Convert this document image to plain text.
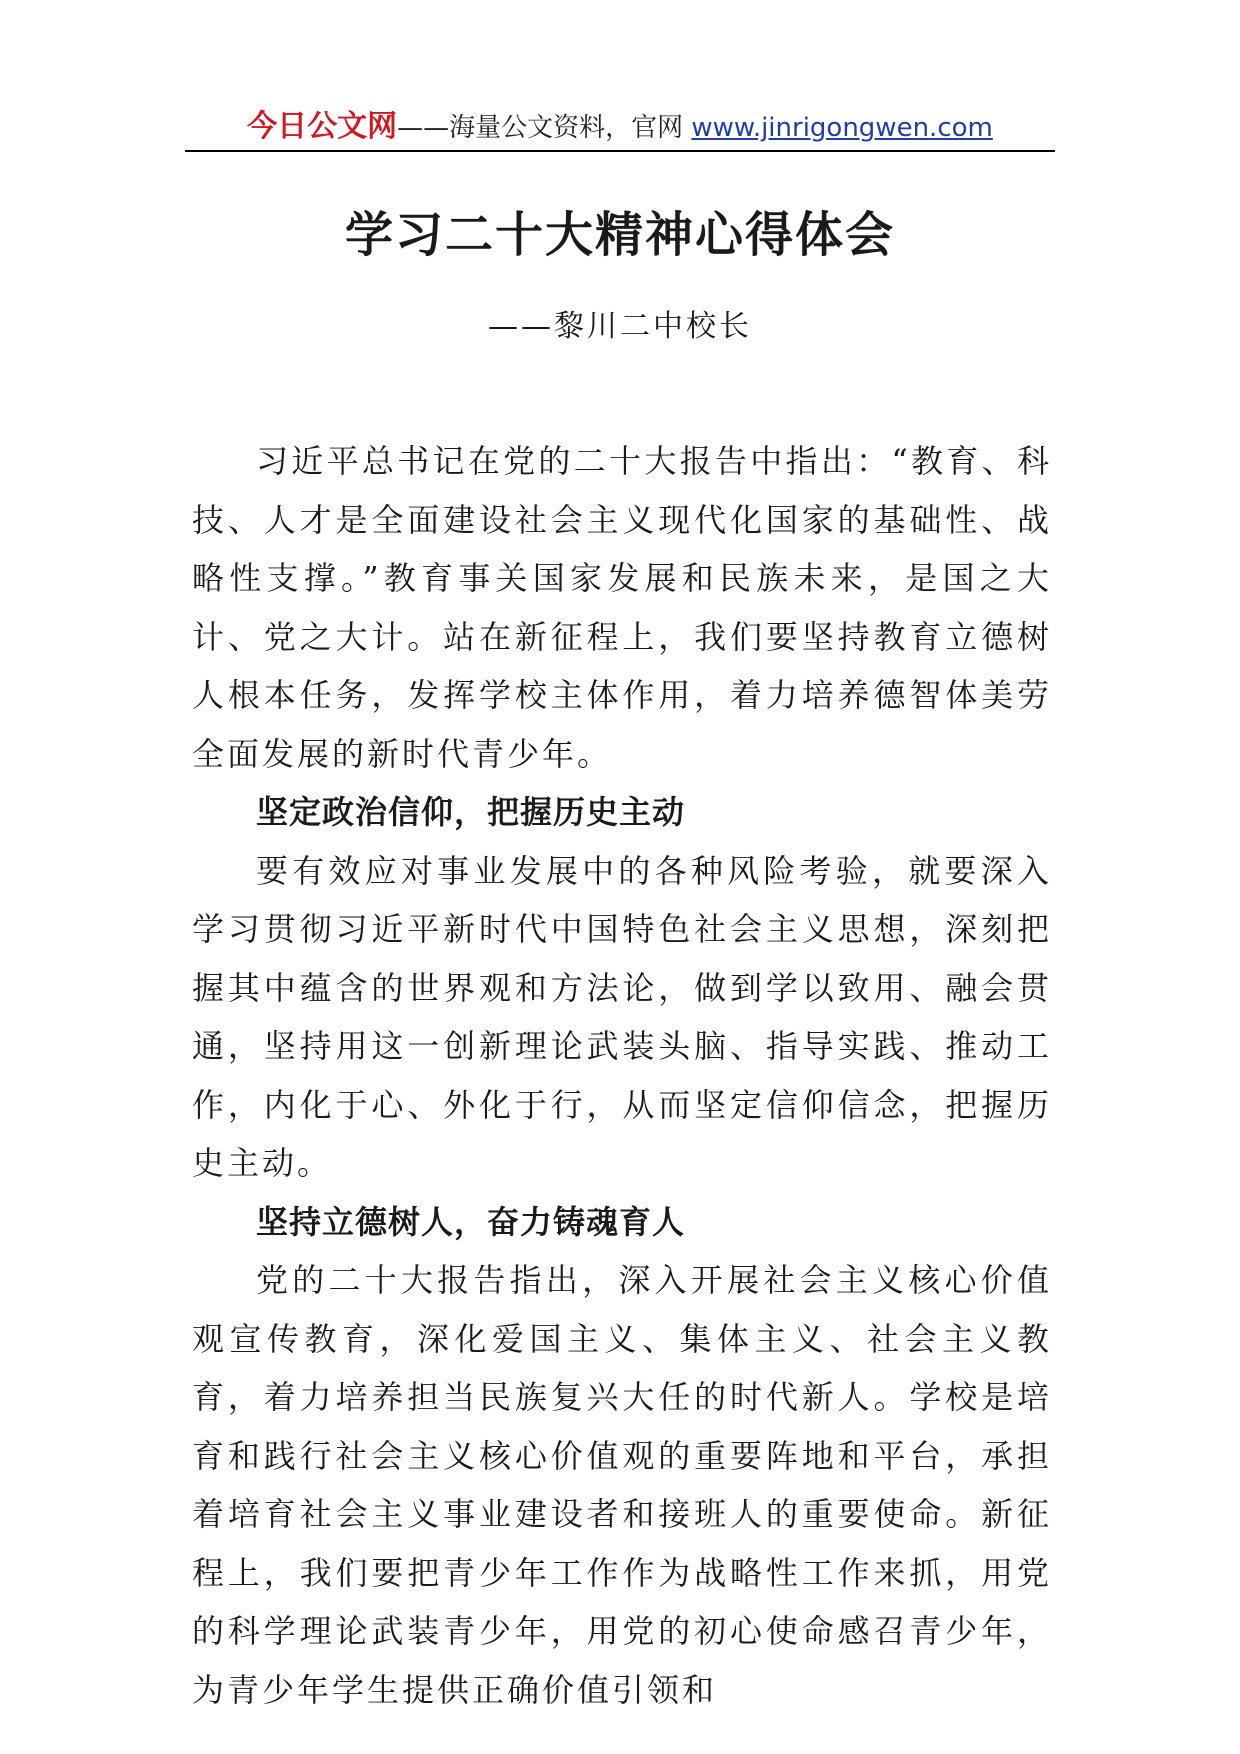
今日公文网——海量公文资料，官网 www.jinrigongwen.com
学习二十大精神心得体会
——黎川二中校长

习近平总书记在党的二十大报告中指出：“教育、科技、人才是全面建设社会主义现代化国家的基础性、战略性支撑。”教育事关国家发展和民族未来，是国之大计、党之大计。站在新征程上，我们要坚持教育立德树人根本任务，发挥学校主体作用，着力培养德智体美劳全面发展的新时代青少年。

坚定政治信仰，把握历史主动

要有效应对事业发展中的各种风险考验，就要深入学习贯彻习近平新时代中国特色社会主义思想，深刻把握其中蕴含的世界观和方法论，做到学以致用、融会贯通，坚持用这一创新理论武装头脑、指导实践、推动工作，内化于心、外化于行，从而坚定信仰信念，把握历史主动。

坚持立德树人，奋力铸魂育人

党的二十大报告指出，深入开展社会主义核心价值观宣传教育，深化爱国主义、集体主义、社会主义教育，着力培养担当民族复兴大任的时代新人。学校是培育和践行社会主义核心价值观的重要阵地和平台，承担着培育社会主义事业建设者和接班人的重要使命。新征程上，我们要把青少年工作作为战略性工作来抓，用党的科学理论武装青少年，用党的初心使命感召青少年，为青少年学生提供正确价值引领和
